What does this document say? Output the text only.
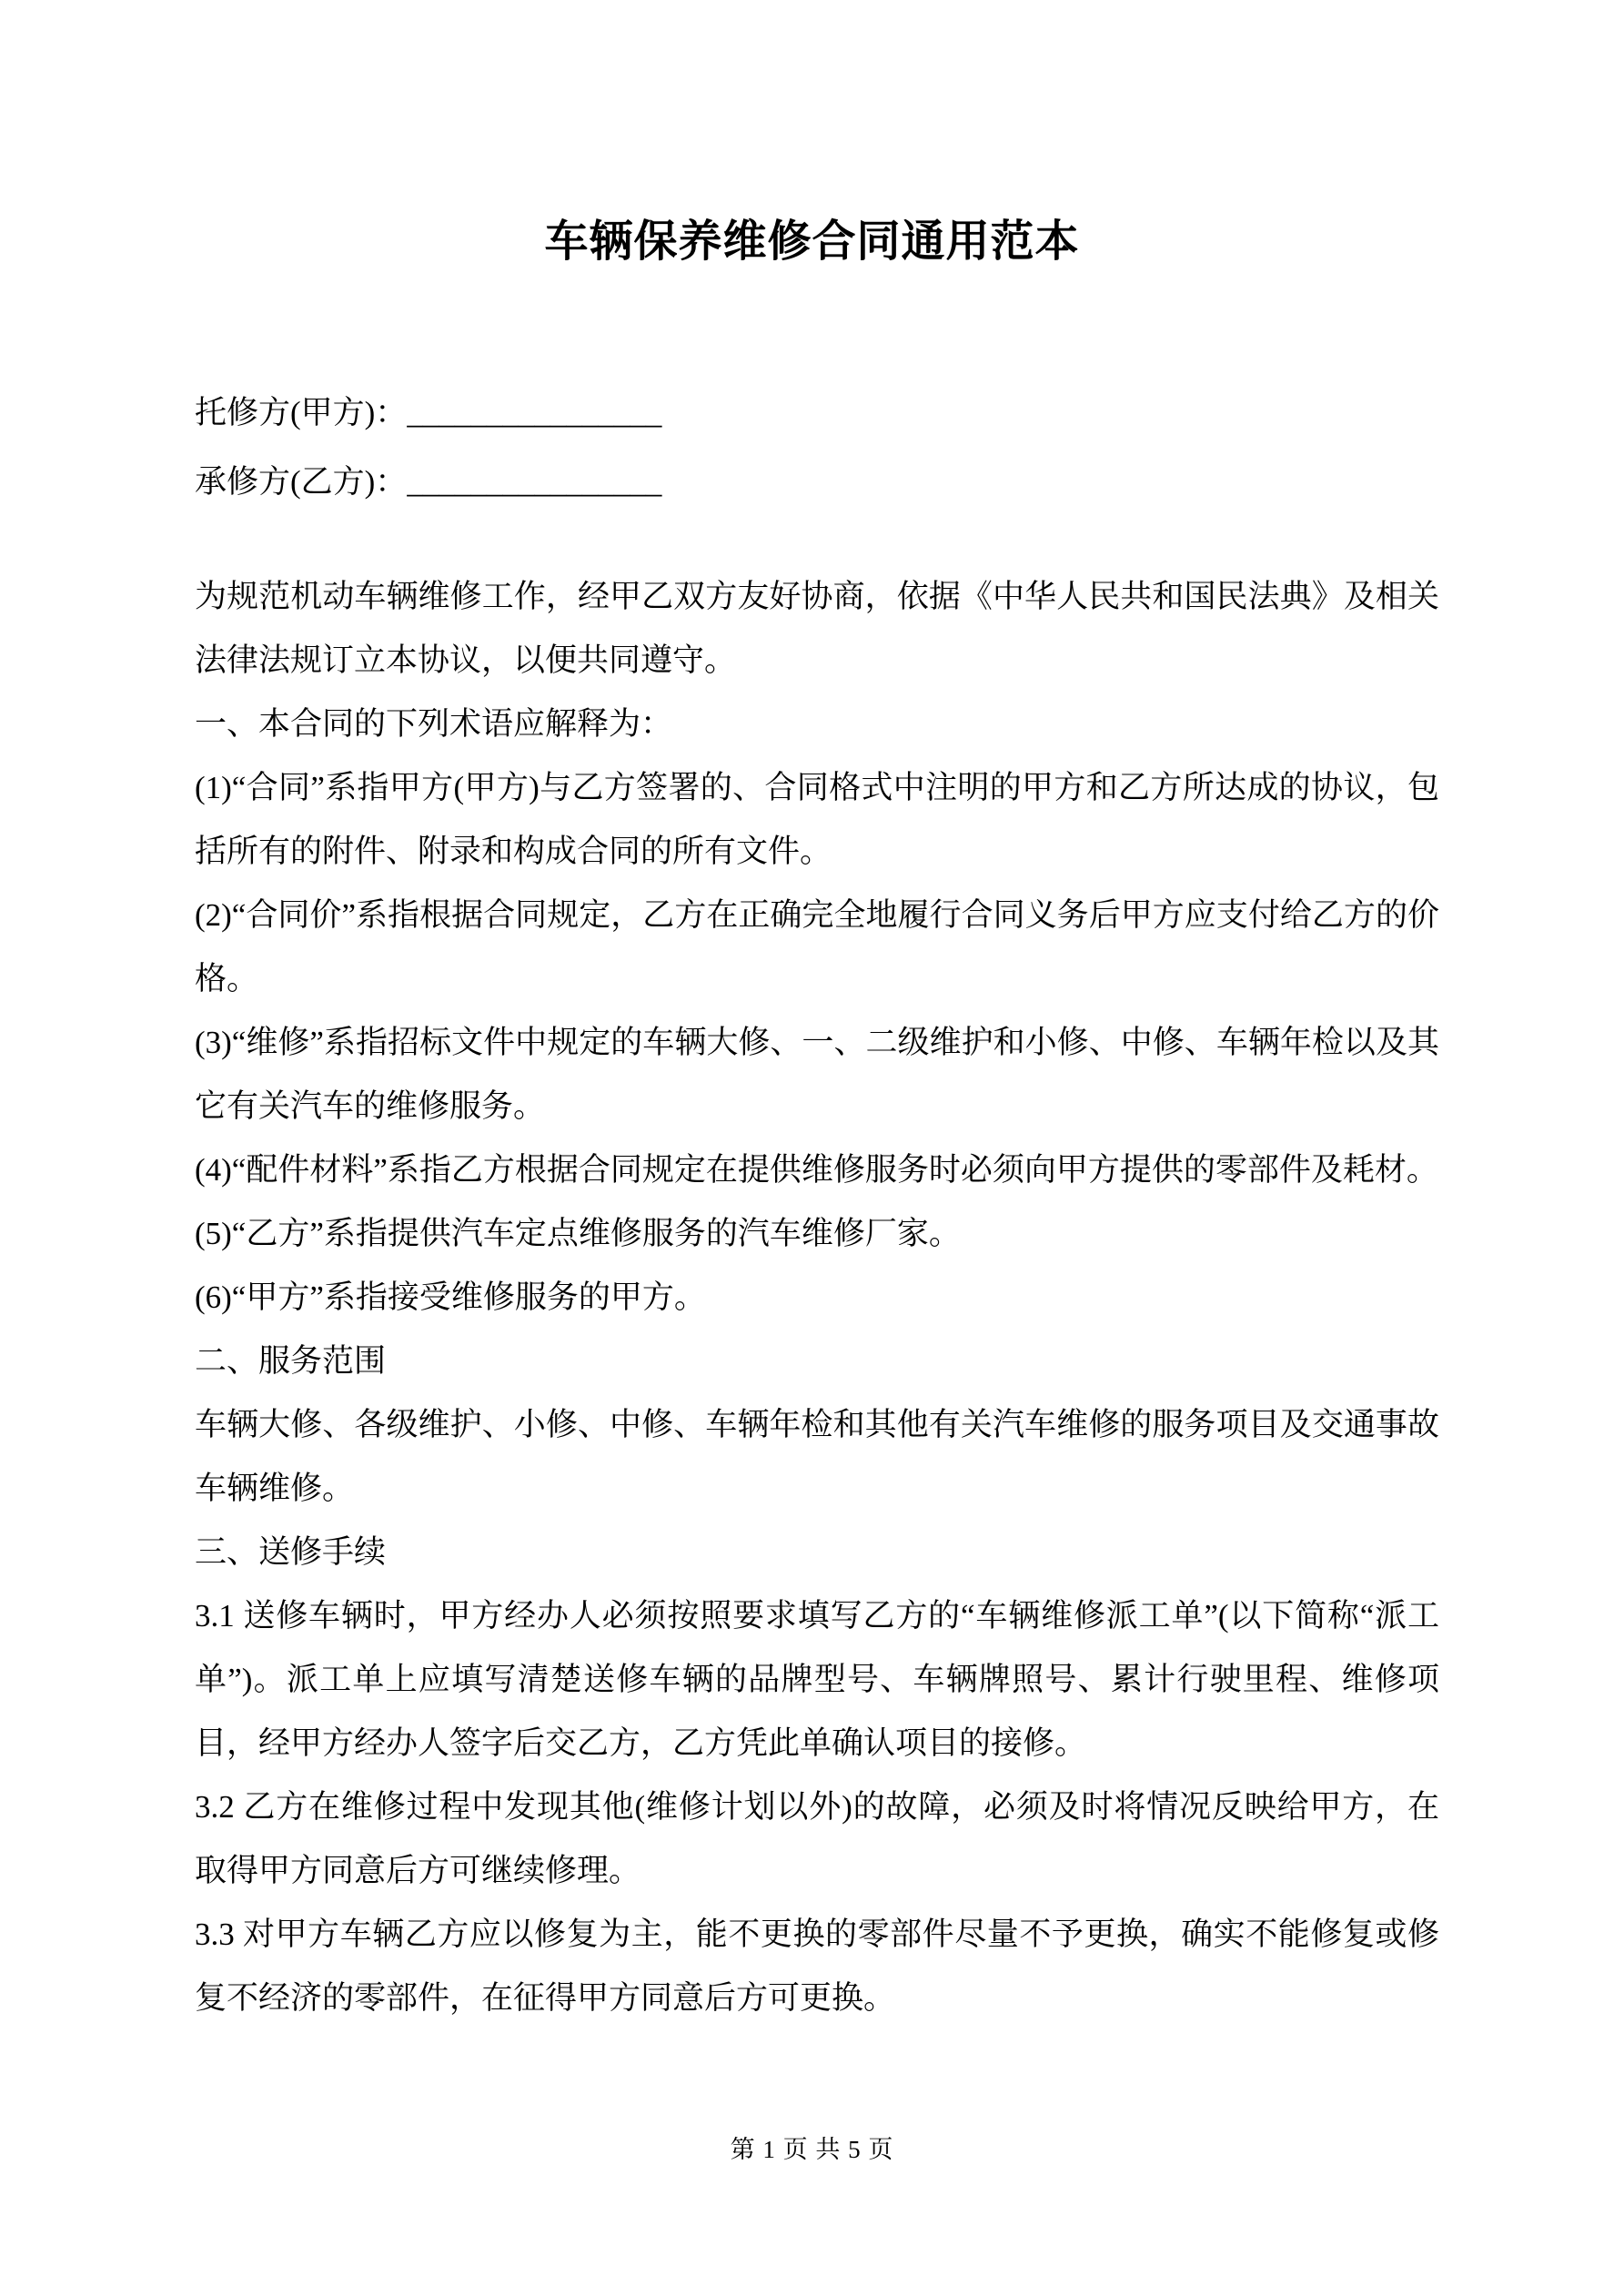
车辆保养维修合同通用范本
托修方(甲方)：________________
承修方(乙方)：________________

为规范机动车辆维修工作，经甲乙双方友好协商，依据《中华人民共和国民法典》及相关法律法规订立本协议，以便共同遵守。

一、本合同的下列术语应解释为：

(1)“合同”系指甲方(甲方)与乙方签署的、合同格式中注明的甲方和乙方所达成的协议，包括所有的附件、附录和构成合同的所有文件。

(2)“合同价”系指根据合同规定，乙方在正确完全地履行合同义务后甲方应支付给乙方的价格。

(3)“维修”系指招标文件中规定的车辆大修、一、二级维护和小修、中修、车辆年检以及其它有关汽车的维修服务。

(4)“配件材料”系指乙方根据合同规定在提供维修服务时必须向甲方提供的零部件及耗材。

(5)“乙方”系指提供汽车定点维修服务的汽车维修厂家。

(6)“甲方”系指接受维修服务的甲方。

二、服务范围

车辆大修、各级维护、小修、中修、车辆年检和其他有关汽车维修的服务项目及交通事故车辆维修。

三、送修手续

3.1 送修车辆时，甲方经办人必须按照要求填写乙方的“车辆维修派工单”(以下简称“派工单”)。派工单上应填写清楚送修车辆的品牌型号、车辆牌照号、累计行驶里程、维修项目，经甲方经办人签字后交乙方，乙方凭此单确认项目的接修。

3.2 乙方在维修过程中发现其他(维修计划以外)的故障，必须及时将情况反映给甲方，在取得甲方同意后方可继续修理。

3.3 对甲方车辆乙方应以修复为主，能不更换的零部件尽量不予更换，确实不能修复或修复不经济的零部件，在征得甲方同意后方可更换。

第 1 页 共 5 页
